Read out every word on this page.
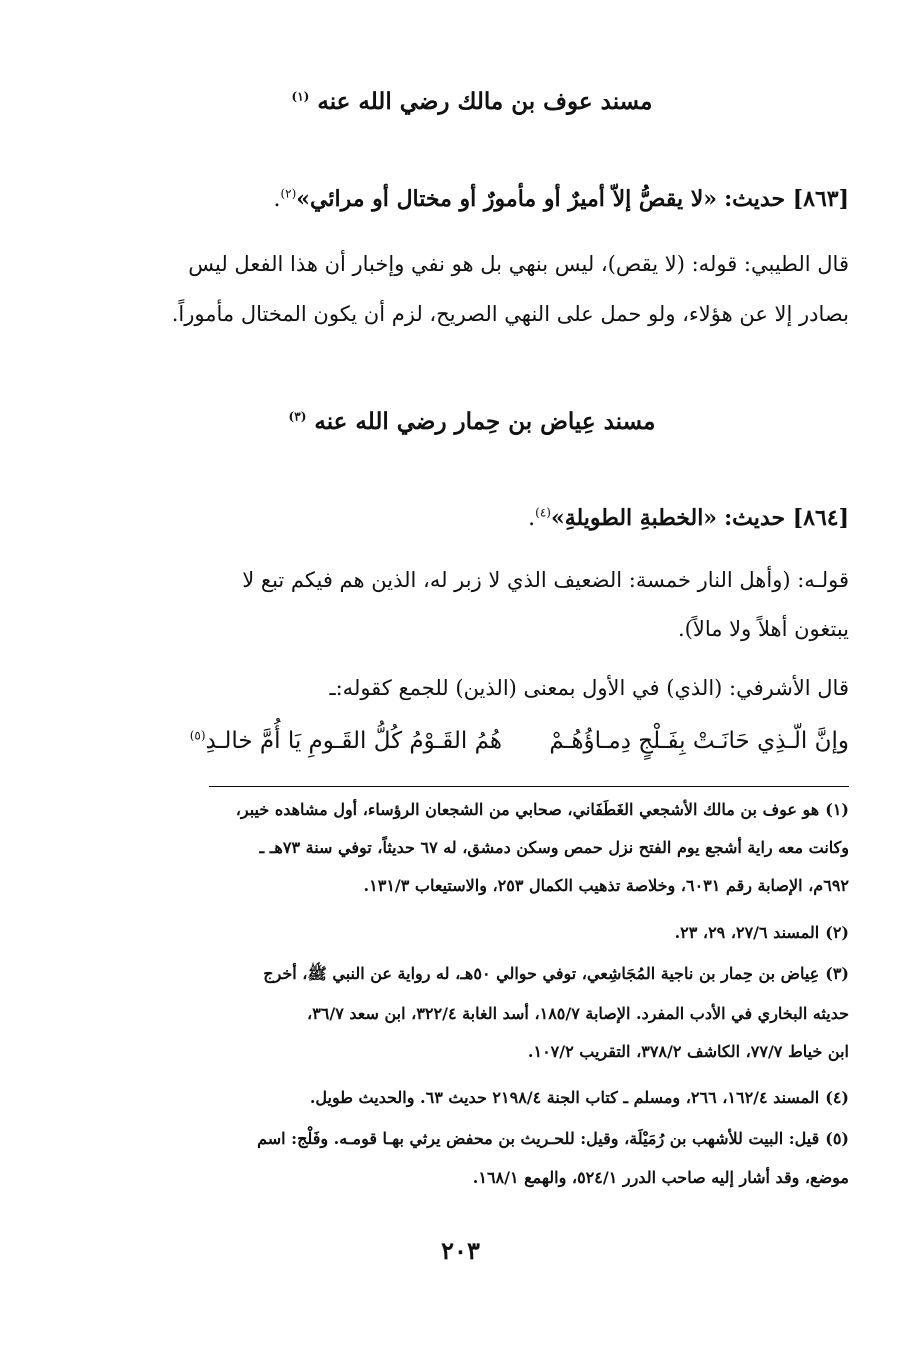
مسند عوف بن مالك رضي الله عنه $^{(١)}$
[٨٦٣] حديث: «لا يقصُّ إلاّ أميرٌ أو مأمورٌ أو مختال أو مرائي»$^{(٢)}$.
قال الطيبي: قوله: (لا يقص)، ليس بنهي بل هو نفي وإخبار أن هذا الفعل ليس
بصادر إلا عن هؤلاء، ولو حمل على النهي الصريح، لزم أن يكون المختال مأموراً.
مسند عِياض بن حِمار رضي الله عنه $^{(٣)}$
[٨٦٤] حديث: «الخطبةِ الطويلةِ»$^{(٤)}$.
قولـه: (وأهل النار خمسة: الضعيف الذي لا زبر له، الذين هم فيكم تبع لا
يبتغون أهلاً ولا مالاً).
قال الأشرفي: (الذي) في الأول بمعنى (الذين) للجمع كقوله:ـ
وإنَّ الّـذِي حَانَـتْ بِفَـلْجٍ دِمـاؤُهُـمْ هُمُ القَـوْمُ كُلُّ القَـومِ يَا أُمَّ خالـدِ$^{(٥)}$
(١)هو عوف بن مالك الأشجعي الغَطَفَاني، صحابي من الشجعان الرؤساء، أول مشاهده خيبر،
وكانت معه راية أشجع يوم الفتح نزل حمص وسكن دمشق، له ٦٧ حديثاً، توفي سنة ٧٣هـ ـ
٦٩٢م، الإصابة رقم ٦٠٣١، وخلاصة تذهيب الكمال ٢٥٣، والاستيعاب ١٣١/٣.
(٢)المسند ٢٧/٦، ٢٩، ٢٣.
(٣)عِياض بن حِمار بن ناجية المُجَاشِعي، توفي حوالي ٥٠هـ، له رواية عن النبي ﷺ، أخرج
حديثه البخاري في الأدب المفرد. الإصابة ١٨٥/٧، أسد الغابة ٣٢٢/٤، ابن سعد ٣٦/٧،
ابن خياط ٧٧/٧، الكاشف ٣٧٨/٢، التقريب ١٠٧/٢.
(٤)المسند ١٦٢/٤، ٢٦٦، ومسلم ـ كتاب الجنة ٢١٩٨/٤ حديث ٦٣. والحديث طويل.
(٥)قيل: البيت للأشهب بن رُمَيْلَة، وقيل: للحـريث بن محفض يرثي بهـا قومـه. وفَلْج: اسم
موضع، وقد أشار إليه صاحب الدرر ٥٢٤/١، والهمع ١٦٨/١.
٢٠٣
